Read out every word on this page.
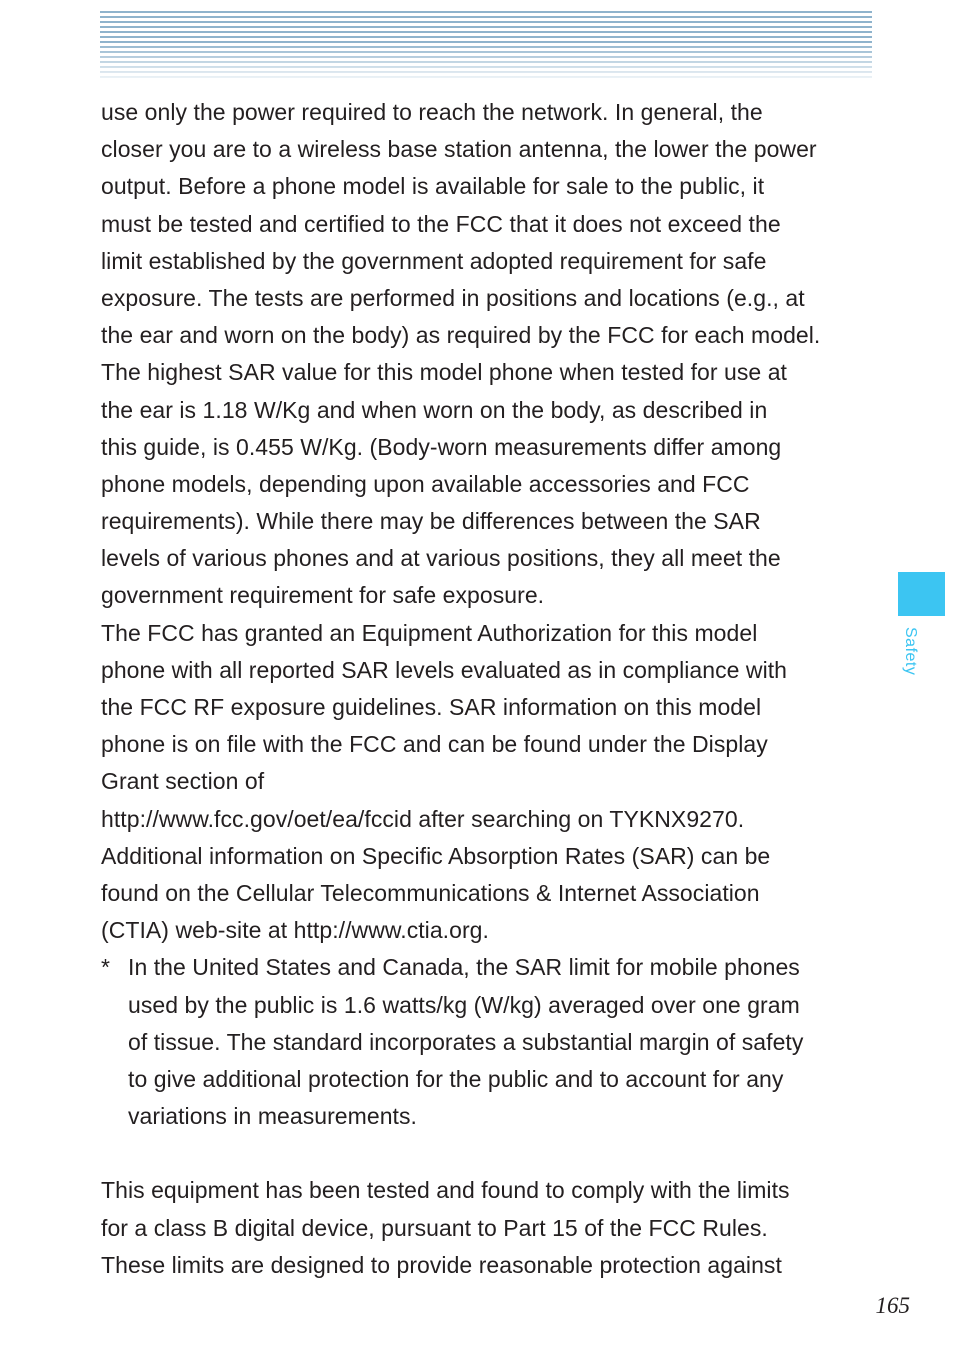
use only the power required to reach the network. In general, the
closer you are to a wireless base station antenna, the lower the power
output. Before a phone model is available for sale to the public, it
must be tested and certified to the FCC that it does not exceed the
limit established by the government adopted requirement for safe
exposure. The tests are performed in positions and locations (e.g., at
the ear and worn on the body) as required by the FCC for each model.
The highest SAR value for this model phone when tested for use at
the ear is 1.18 W/Kg and when worn on the body, as described in
this guide, is 0.455 W/Kg. (Body-worn measurements differ among
phone models, depending upon available accessories and FCC
requirements). While there may be differences between the SAR
levels of various phones and at various positions, they all meet the
government requirement for safe exposure.
The FCC has granted an Equipment Authorization for this model
phone with all reported SAR levels evaluated as in compliance with
the FCC RF exposure guidelines. SAR information on this model
phone is on file with the FCC and can be found under the Display
Grant section of
http://www.fcc.gov/oet/ea/fccid after searching on TYKNX9270.
Additional information on Specific Absorption Rates (SAR) can be
found on the Cellular Telecommunications & Internet Association
(CTIA) web-site at http://www.ctia.org.
* In the United States and Canada, the SAR limit for mobile phones
used by the public is 1.6 watts/kg (W/kg) averaged over one gram
of tissue. The standard incorporates a substantial margin of safety
to give additional protection for the public and to account for any
variations in measurements.
This equipment has been tested and found to comply with the limits
for a class B digital device, pursuant to Part 15 of the FCC Rules.
These limits are designed to provide reasonable protection against
Safety
165
